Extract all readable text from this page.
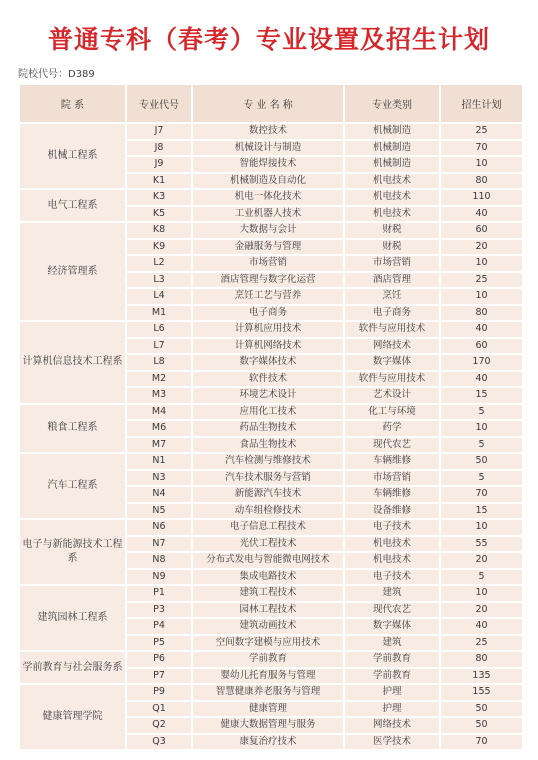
普通专科（春考）专业设置及招生计划
院校代号：D389
院 系	专业代号	专 业 名 称	专业类别	招生计划
机械工程系	J7	数控技术	机械制造	25
	J8	机械设计与制造	机械制造	70
	J9	智能焊接技术	机械制造	10
	K1	机械制造及自动化	机电技术	80
电气工程系	K3	机电一体化技术	机电技术	110
	K5	工业机器人技术	机电技术	40
经济管理系	K8	大数据与会计	财税	60
	K9	金融服务与管理	财税	20
	L2	市场营销	市场营销	10
	L3	酒店管理与数字化运营	酒店管理	25
	L4	烹饪工艺与营养	烹饪	10
	M1	电子商务	电子商务	80
计算机信息技术工程系	L6	计算机应用技术	软件与应用技术	40
	L7	计算机网络技术	网络技术	60
	L8	数字媒体技术	数字媒体	170
	M2	软件技术	软件与应用技术	40
	M3	环境艺术设计	艺术设计	15
粮食工程系	M4	应用化工技术	化工与环境	5
	M6	药品生物技术	药学	10
	M7	食品生物技术	现代农艺	5
汽车工程系	N1	汽车检测与维修技术	车辆维修	50
	N3	汽车技术服务与营销	市场营销	5
	N4	新能源汽车技术	车辆维修	70
	N5	动车组检修技术	设备维修	15
电子与新能源技术工程系	N6	电子信息工程技术	电子技术	10
	N7	光伏工程技术	机电技术	55
	N8	分布式发电与智能微电网技术	机电技术	20
	N9	集成电路技术	电子技术	5
建筑园林工程系	P1	建筑工程技术	建筑	10
	P3	园林工程技术	现代农艺	20
	P4	建筑动画技术	数字媒体	40
	P5	空间数字建模与应用技术	建筑	25
学前教育与社会服务系	P6	学前教育	学前教育	80
	P7	婴幼儿托育服务与管理	学前教育	135
健康管理学院	P9	智慧健康养老服务与管理	护理	155
	Q1	健康管理	护理	50
	Q2	健康大数据管理与服务	网络技术	50
	Q3	康复治疗技术	医学技术	70
